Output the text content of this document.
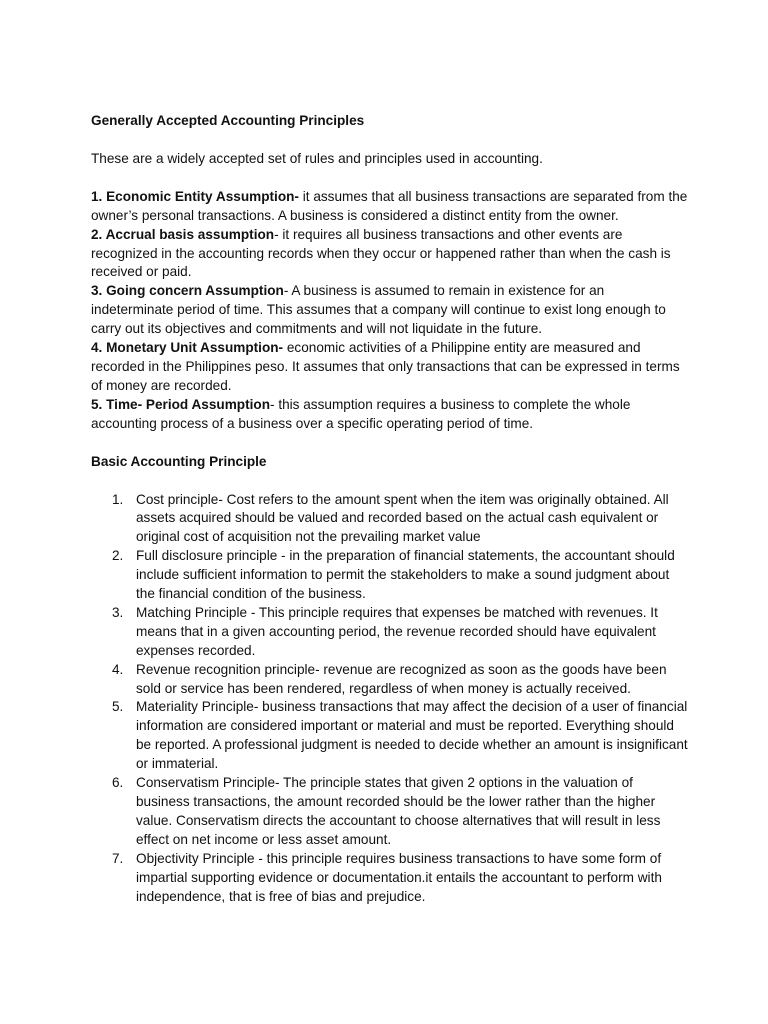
Generally Accepted Accounting Principles

These are a widely accepted set of rules and principles used in accounting.

1. Economic Entity Assumption- it assumes that all business transactions are separated from the owner’s personal transactions. A business is considered a distinct entity from the owner.

2. Accrual basis assumption- it requires all business transactions and other events are recognized in the accounting records when they occur or happened rather than when the cash is received or paid.

3. Going concern Assumption- A business is assumed to remain in existence for an indeterminate period of time. This assumes that a company will continue to exist long enough to carry out its objectives and commitments and will not liquidate in the future.

4. Monetary Unit Assumption- economic activities of a Philippine entity are measured and recorded in the Philippines peso. It assumes that only transactions that can be expressed in terms of money are recorded.

5. Time- Period Assumption- this assumption requires a business to complete the whole accounting process of a business over a specific operating period of time.

Basic Accounting Principle

1. Cost principle- Cost refers to the amount spent when the item was originally obtained. All assets acquired should be valued and recorded based on the actual cash equivalent or original cost of acquisition not the prevailing market value
2. Full disclosure principle - in the preparation of financial statements, the accountant should include sufficient information to permit the stakeholders to make a sound judgment about the financial condition of the business.
3. Matching Principle - This principle requires that expenses be matched with revenues. It means that in a given accounting period, the revenue recorded should have equivalent expenses recorded.
4. Revenue recognition principle- revenue are recognized as soon as the goods have been sold or service has been rendered, regardless of when money is actually received.
5. Materiality Principle- business transactions that may affect the decision of a user of financial information are considered important or material and must be reported. Everything should be reported. A professional judgment is needed to decide whether an amount is insignificant or immaterial.
6. Conservatism Principle- The principle states that given 2 options in the valuation of business transactions, the amount recorded should be the lower rather than the higher value. Conservatism directs the accountant to choose alternatives that will result in less effect on net income or less asset amount.
7. Objectivity Principle - this principle requires business transactions to have some form of impartial supporting evidence or documentation.it entails the accountant to perform with independence, that is free of bias and prejudice.
